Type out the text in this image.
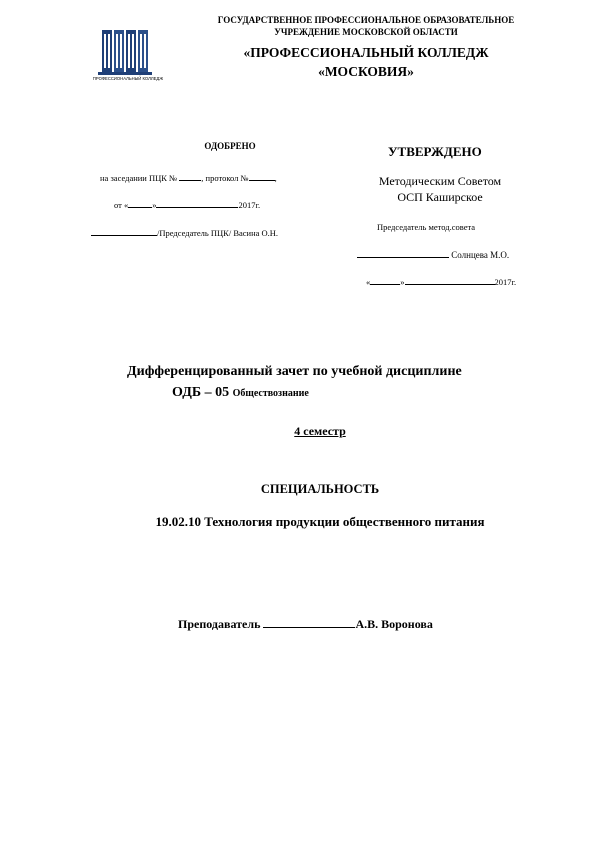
ПРОФЕССИОНАЛЬНЫЙ КОЛЛЕДЖ
ГОСУДАРСТВЕННОЕ ПРОФЕССИОНАЛЬНОЕ ОБРАЗОВАТЕЛЬНОЕ
УЧРЕЖДЕНИЕ МОСКОВСКОЙ ОБЛАСТИ
«ПРОФЕССИОНАЛЬНЫЙ КОЛЛЕДЖ
«МОСКОВИЯ»
ОДОБРЕНО
на заседании ПЦК №	, протокол №	,
от «	»	2017г.
/Председатель ПЦК/ Васина О.Н.
УТВЕРЖДЕНО
Методическим Советом
ОСП Каширское
Председатель метод.совета
Солнцева М.О.
«	»	2017г.
Дифференцированный зачет по учебной дисциплине
ОДБ – 05 Обществознание
4 семестр
СПЕЦИАЛЬНОСТЬ
19.02.10 Технология продукции общественного питания
Преподаватель	А.В. Воронова
